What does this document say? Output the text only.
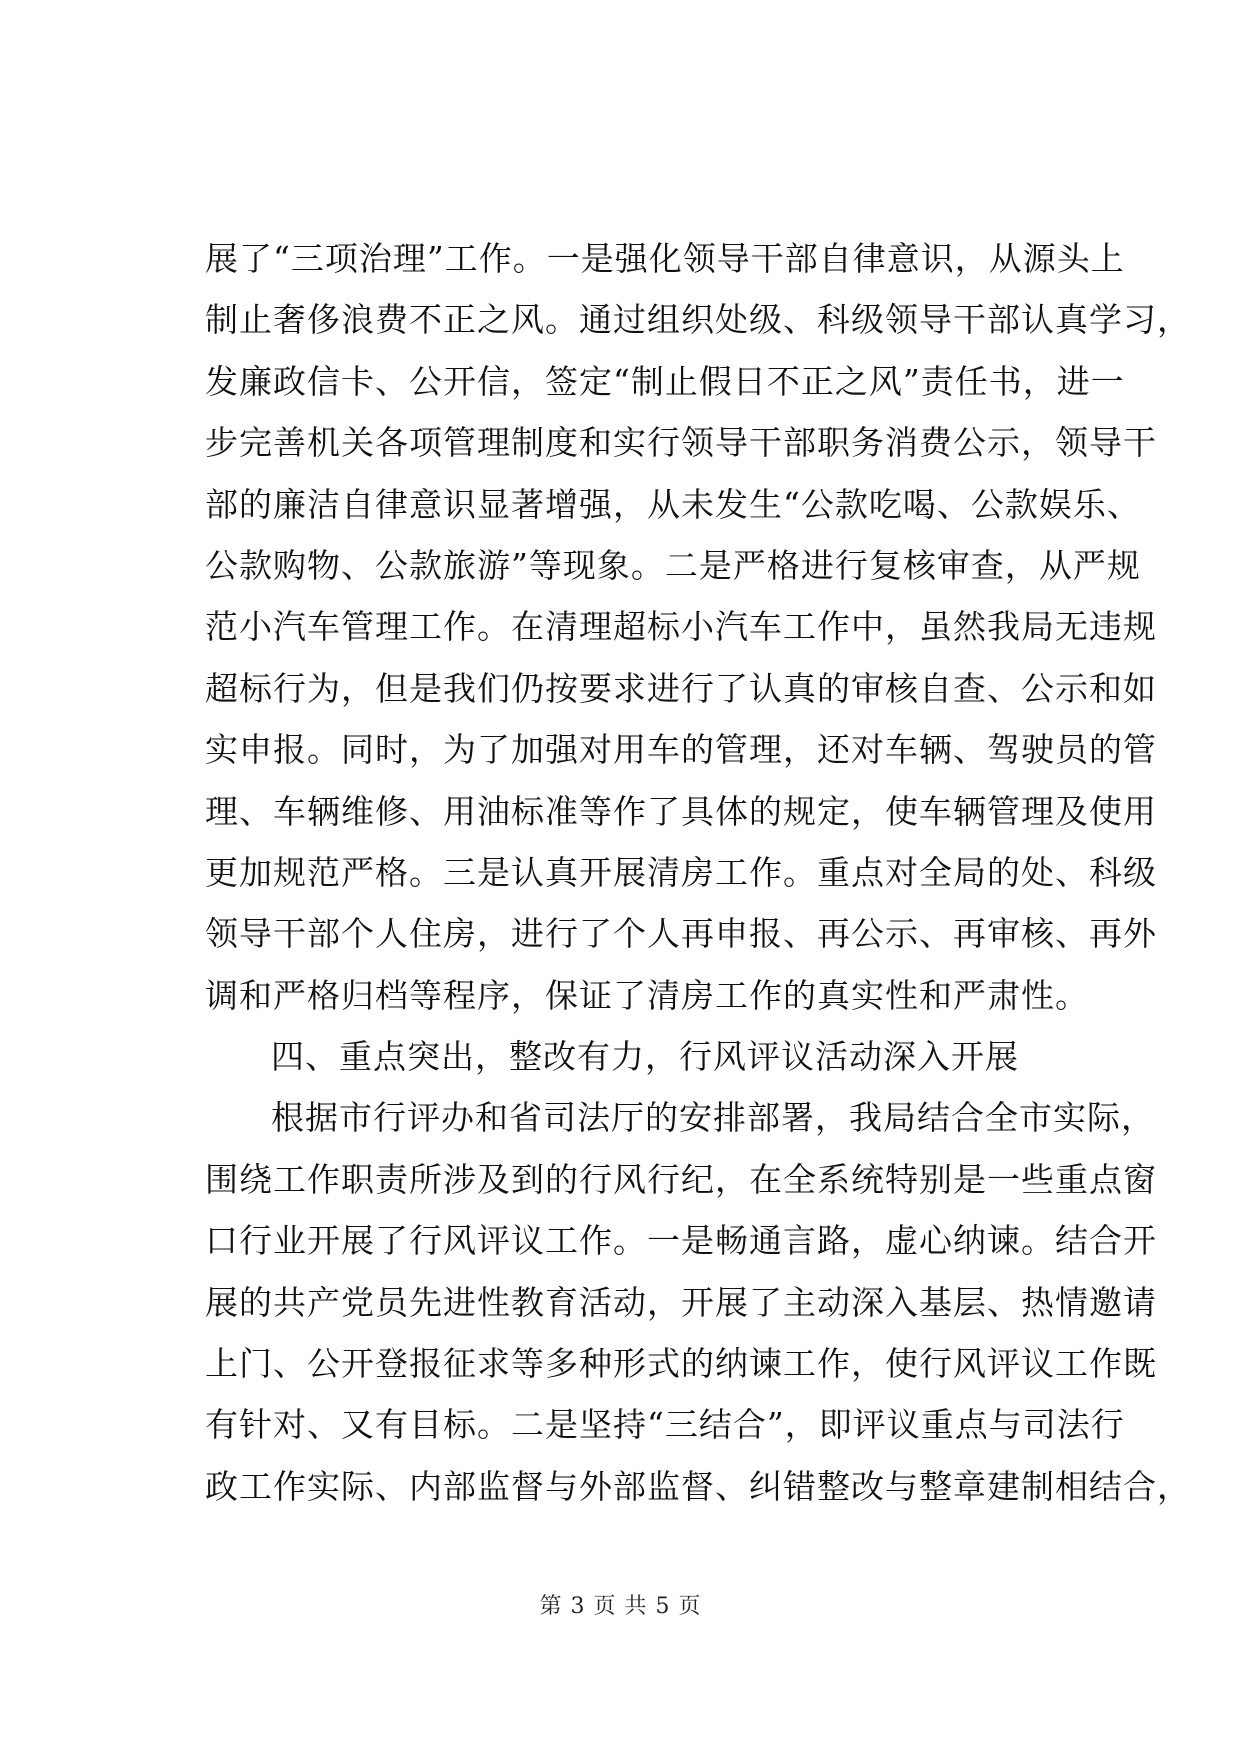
展了“三项治理”工作。一是强化领导干部自律意识，从源头上
制止奢侈浪费不正之风。通过组织处级、科级领导干部认真学习，
发廉政信卡、公开信，签定“制止假日不正之风”责任书，进一
步完善机关各项管理制度和实行领导干部职务消费公示，领导干
部的廉洁自律意识显著增强，从未发生“公款吃喝、公款娱乐、
公款购物、公款旅游”等现象。二是严格进行复核审查，从严规
范小汽车管理工作。在清理超标小汽车工作中，虽然我局无违规
超标行为，但是我们仍按要求进行了认真的审核自查、公示和如
实申报。同时，为了加强对用车的管理，还对车辆、驾驶员的管
理、车辆维修、用油标准等作了具体的规定，使车辆管理及使用
更加规范严格。三是认真开展清房工作。重点对全局的处、科级
领导干部个人住房，进行了个人再申报、再公示、再审核、再外
调和严格归档等程序，保证了清房工作的真实性和严肃性。
四、重点突出，整改有力，行风评议活动深入开展
根据市行评办和省司法厅的安排部署，我局结合全市实际，
围绕工作职责所涉及到的行风行纪，在全系统特别是一些重点窗
口行业开展了行风评议工作。一是畅通言路，虚心纳谏。结合开
展的共产党员先进性教育活动，开展了主动深入基层、热情邀请
上门、公开登报征求等多种形式的纳谏工作，使行风评议工作既
有针对、又有目标。二是坚持“三结合”，即评议重点与司法行
政工作实际、内部监督与外部监督、纠错整改与整章建制相结合，
第 3 页 共 5 页
